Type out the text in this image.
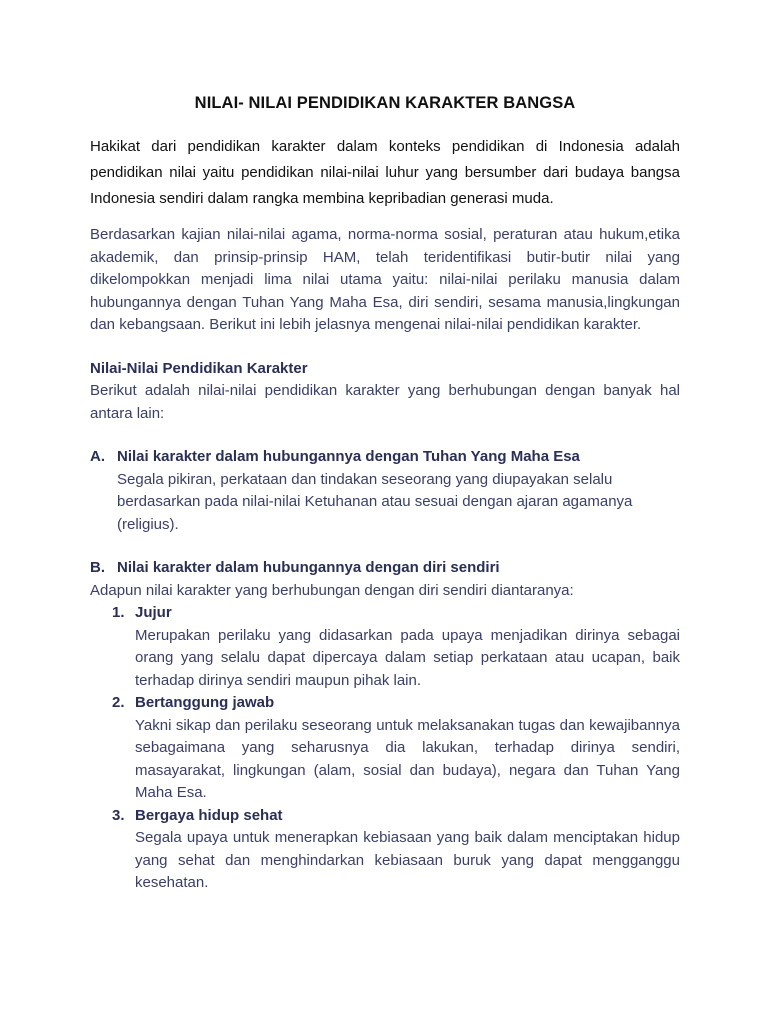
NILAI- NILAI PENDIDIKAN KARAKTER BANGSA

Hakikat dari pendidikan karakter dalam konteks pendidikan di Indonesia adalah pendidikan nilai yaitu pendidikan nilai-nilai luhur yang bersumber dari budaya bangsa Indonesia sendiri dalam rangka membina kepribadian generasi muda.

Berdasarkan kajian nilai-nilai agama, norma-norma sosial, peraturan atau hukum,etika akademik, dan prinsip-prinsip HAM, telah teridentifikasi butir-butir nilai yang dikelompokkan menjadi lima nilai utama yaitu: nilai-nilai perilaku manusia dalam hubungannya dengan Tuhan Yang Maha Esa, diri sendiri, sesama manusia,lingkungan dan kebangsaan. Berikut ini lebih jelasnya mengenai nilai-nilai pendidikan karakter.

Nilai-Nilai Pendidikan Karakter

Berikut adalah nilai-nilai pendidikan karakter yang berhubungan dengan banyak hal antara lain:

A. Nilai karakter dalam hubungannya dengan Tuhan Yang Maha Esa

Segala pikiran, perkataan dan tindakan seseorang yang diupayakan selalu berdasarkan pada nilai-nilai Ketuhanan atau sesuai dengan ajaran agamanya (religius).

B. Nilai karakter dalam hubungannya dengan diri sendiri

Adapun nilai karakter yang berhubungan dengan diri sendiri diantaranya:

1. Jujur

Merupakan perilaku yang didasarkan pada upaya menjadikan dirinya sebagai orang yang selalu dapat dipercaya dalam setiap perkataan atau ucapan, baik terhadap dirinya sendiri maupun pihak lain.

2. Bertanggung jawab

Yakni sikap dan perilaku seseorang untuk melaksanakan tugas dan kewajibannya sebagaimana yang seharusnya dia lakukan, terhadap dirinya sendiri, masayarakat, lingkungan (alam, sosial dan budaya), negara dan Tuhan Yang Maha Esa.

3. Bergaya hidup sehat

Segala upaya untuk menerapkan kebiasaan yang baik dalam menciptakan hidup yang sehat dan menghindarkan kebiasaan buruk yang dapat mengganggu kesehatan.
